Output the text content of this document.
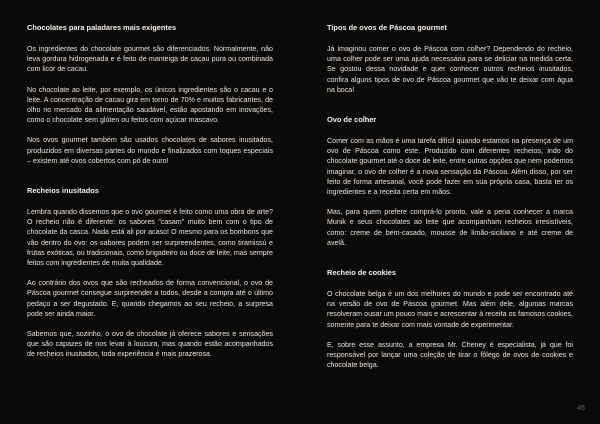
Chocolates para paladares mais exigentes

Os ingredientes do chocolate gourmet são diferenciados. Normalmente, não leva gordura hidrogenada e é feito de manteiga de cacau pura ou combinada com licor de cacau.

No chocolate ao leite, por exemplo, os únicos ingredientes são o cacau e o leite. A concentração de cacau gira em torno de 70% e muitos fabricantes, de olho no mercado da alimentação saudável, estão apostando em inovações, como o chocolate sem glúten ou feitos com açúcar mascavo.

Nos ovos gourmet também são usados chocolates de sabores inusitados, produzidos em diversas partes do mundo e finalizados com toques especiais – existem até ovos cobertos com pó de ouro!

Recheios inusitados

Lembra quando dissemos que o ovo gourmet é feito como uma obra de arte? O recheio não é diferente: os sabores "casam" muito bem com o tipo de chocolate da casca. Nada está ali por acaso! O mesmo para os bombons que vão dentro do ovo: os sabores podem ser surpreendentes, como tiramissú e frutas exóticas, ou tradicionais, como brigadeiro ou doce de leite, mas sempre feitos com ingredientes de muita qualidade.

Ao contrário dos ovos que são recheados de forma convencional, o ovo de Páscoa gourmet consegue surpreender a todos, desde a compra até o último pedaço a ser degustado. E, quando chegamos ao seu recheio, a surpresa pode ser ainda maior.

Sabemos que, sozinho, o ovo de chocolate já oferece sabores e sensações que são capazes de nos levar à loucura, mas quando estão acompanhados de recheios inusitados, toda experiência é mais prazerosa.

Tipos de ovos de Páscoa gourmet

Já imaginou comer o ovo de Páscoa com colher? Dependendo do recheio, uma colher pode ser uma ajuda necessária para se deliciar na medida certa. Se gostou dessa novidade e quer conhecer outros recheios inusitados, confira alguns tipos de ovo de Páscoa gourmet que vão te deixar com água na boca!

Ovo de colher

Comer com as mãos é uma tarefa difícil quando estamos na presença de um ovo de Páscoa como este. Produzido com diferentes recheios, indo do chocolate gourmet até o doce de leite, entre outras opções que nem podemos imaginar, o ovo de colher é a nova sensação da Páscoa. Além disso, por ser feito de forma artesanal, você pode fazer em sua própria casa, basta ter os ingredientes e a receita certa em mãos.

Mas, para quem prefere comprá-lo pronto, vale a pena conhecer a marca Munik e seus chocolates ao leite que acompanham recheios irresistíveis, como: creme de bem-casado, mousse de limão-siciliano e até creme de avelã.

Recheio de cookies

O chocolate belga é um dos melhores do mundo e pode ser encontrado até na versão de ovo de Páscoa gourmet. Mas além dele, algumas marcas resolveram ousar um pouco mais e acrescentar à receita os famosos cookies, somente para te deixar com mais vontade de experimentar.

E, sobre esse assunto, a empresa Mr. Cheney é especialista, já que foi responsável por lançar uma coleção de tirar o fôlego de ovos de cookies e chocolate belga.

45
